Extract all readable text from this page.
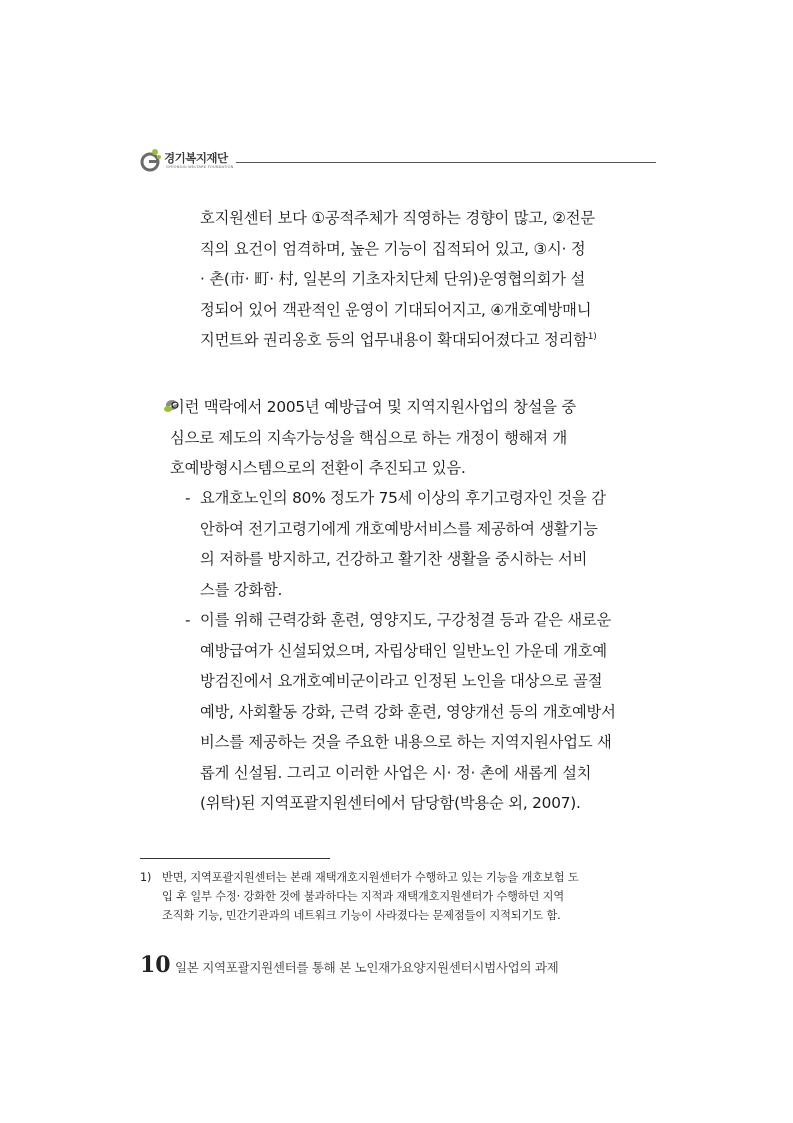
경기복지재단
GYEONGGI WELFARE FOUNDATION
호지원센터 보다 ①공적주체가 직영하는 경향이 많고, ②전문
직의 요건이 엄격하며, 높은 기능이 집적되어 있고, ③시· 정
· 촌(市· 町· 村, 일본의 기초자치단체 단위)운영협의회가 설
정되어 있어 객관적인 운영이 기대되어지고, ④개호예방매니
지먼트와 권리옹호 등의 업무내용이 확대되어졌다고 정리함$^{1)}$
이런 맥락에서 2005년 예방급여 및 지역지원사업의 창설을 중
심으로 제도의 지속가능성을 핵심으로 하는 개정이 행해져 개
호예방형시스템으로의 전환이 추진되고 있음.
- 요개호노인의 80% 정도가 75세 이상의 후기고령자인 것을 감
안하여 전기고령기에게 개호예방서비스를 제공하여 생활기능
의 저하를 방지하고, 건강하고 활기찬 생활을 중시하는 서비
스를 강화함.
- 이를 위해 근력강화 훈련, 영양지도, 구강청결 등과 같은 새로운
예방급여가 신설되었으며, 자립상태인 일반노인 가운데 개호예
방검진에서 요개호예비군이라고 인정된 노인을 대상으로 골절
예방, 사회활동 강화, 근력 강화 훈련, 영양개선 등의 개호예방서
비스를 제공하는 것을 주요한 내용으로 하는 지역지원사업도 새
롭게 신설됨. 그리고 이러한 사업은 시· 정· 촌에 새롭게 설치
(위탁)된 지역포괄지원센터에서 담당함(박용순 외, 2007).
1) 반면, 지역포괄지원센터는 본래 재택개호지원센터가 수행하고 있는 기능을 개호보험 도
입 후 일부 수정· 강화한 것에 불과하다는 지적과 재택개호지원센터가 수행하던 지역
조직화 기능, 민간기관과의 네트워크 기능이 사라졌다는 문제점들이 지적되기도 함.
10 일본 지역포괄지원센터를 통해 본 노인재가요양지원센터시범사업의 과제
